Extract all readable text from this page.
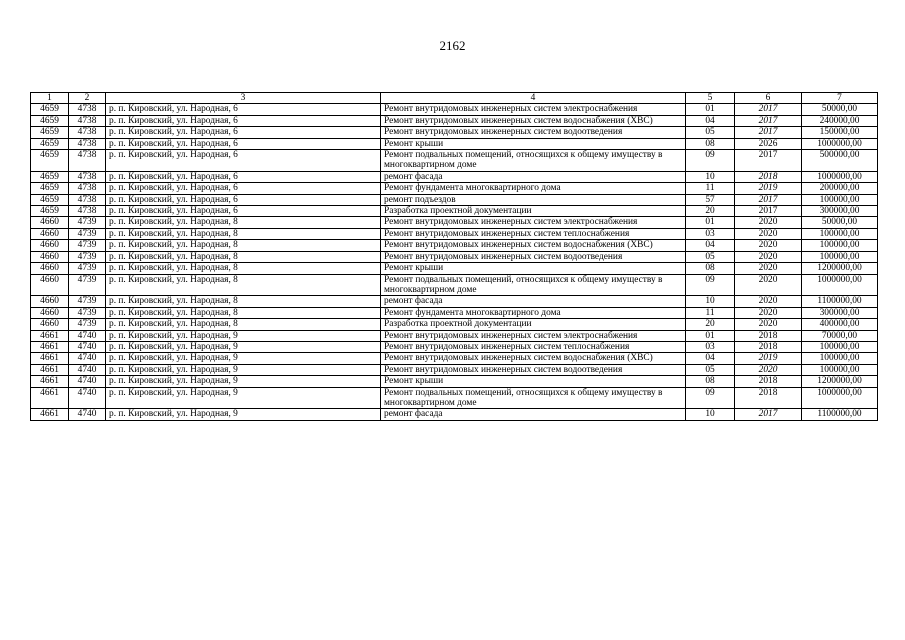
2162
1	2	3	4	5	6	7
4659	4738	р. п. Кировский, ул. Народная, 6	Ремонт внутридомовых инженерных систем электроснабжения	01	2017	50000,00
4659	4738	р. п. Кировский, ул. Народная, 6	Ремонт внутридомовых инженерных систем водоснабжения (ХВС)	04	2017	240000,00
4659	4738	р. п. Кировский, ул. Народная, 6	Ремонт внутридомовых инженерных систем водоотведения	05	2017	150000,00
4659	4738	р. п. Кировский, ул. Народная, 6	Ремонт крыши	08	2026	1000000,00
4659	4738	р. п. Кировский, ул. Народная, 6	Ремонт подвальных помещений, относящихся к общему имуществу в многоквартирном доме	09	2017	500000,00
4659	4738	р. п. Кировский, ул. Народная, 6	ремонт фасада	10	2018	1000000,00
4659	4738	р. п. Кировский, ул. Народная, 6	Ремонт фундамента многоквартирного дома	11	2019	200000,00
4659	4738	р. п. Кировский, ул. Народная, 6	ремонт подъездов	57	2017	100000,00
4659	4738	р. п. Кировский, ул. Народная, 6	Разработка проектной документации	20	2017	300000,00
4660	4739	р. п. Кировский, ул. Народная, 8	Ремонт внутридомовых инженерных систем электроснабжения	01	2020	50000,00
4660	4739	р. п. Кировский, ул. Народная, 8	Ремонт внутридомовых инженерных систем теплоснабжения	03	2020	100000,00
4660	4739	р. п. Кировский, ул. Народная, 8	Ремонт внутридомовых инженерных систем водоснабжения (ХВС)	04	2020	100000,00
4660	4739	р. п. Кировский, ул. Народная, 8	Ремонт внутридомовых инженерных систем водоотведения	05	2020	100000,00
4660	4739	р. п. Кировский, ул. Народная, 8	Ремонт крыши	08	2020	1200000,00
4660	4739	р. п. Кировский, ул. Народная, 8	Ремонт подвальных помещений, относящихся к общему имуществу в многоквартирном доме	09	2020	1000000,00
4660	4739	р. п. Кировский, ул. Народная, 8	ремонт фасада	10	2020	1100000,00
4660	4739	р. п. Кировский, ул. Народная, 8	Ремонт фундамента многоквартирного дома	11	2020	300000,00
4660	4739	р. п. Кировский, ул. Народная, 8	Разработка проектной документации	20	2020	400000,00
4661	4740	р. п. Кировский, ул. Народная, 9	Ремонт внутридомовых инженерных систем электроснабжения	01	2018	70000,00
4661	4740	р. п. Кировский, ул. Народная, 9	Ремонт внутридомовых инженерных систем теплоснабжения	03	2018	100000,00
4661	4740	р. п. Кировский, ул. Народная, 9	Ремонт внутридомовых инженерных систем водоснабжения (ХВС)	04	2019	100000,00
4661	4740	р. п. Кировский, ул. Народная, 9	Ремонт внутридомовых инженерных систем водоотведения	05	2020	100000,00
4661	4740	р. п. Кировский, ул. Народная, 9	Ремонт крыши	08	2018	1200000,00
4661	4740	р. п. Кировский, ул. Народная, 9	Ремонт подвальных помещений, относящихся к общему имуществу в многоквартирном доме	09	2018	1000000,00
4661	4740	р. п. Кировский, ул. Народная, 9	ремонт фасада	10	2017	1100000,00
